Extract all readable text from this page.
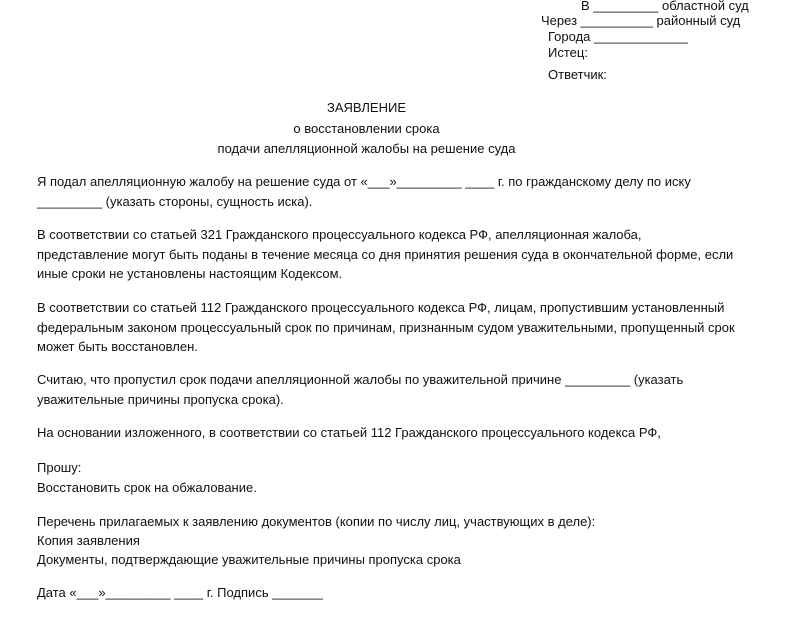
В _________ областной суд
Через __________ районный суд
Города _____________
Истец:
Ответчик:
ЗАЯВЛЕНИЕ
о восстановлении срока
подачи апелляционной жалобы на решение суда
Я подал апелляционную жалобу на решение суда от «___»_________ ____ г. по гражданскому делу по иску
_________ (указать стороны, сущность иска).
В соответствии со статьей 321 Гражданского процессуального кодекса РФ, апелляционная жалоба,
представление могут быть поданы в течение месяца со дня принятия решения суда в окончательной форме, если
иные сроки не установлены настоящим Кодексом.
В соответствии со статьей 112 Гражданского процессуального кодекса РФ, лицам, пропустившим установленный
федеральным законом процессуальный срок по причинам, признанным судом уважительными, пропущенный срок
может быть восстановлен.
Считаю, что пропустил срок подачи апелляционной жалобы по уважительной причине _________ (указать
уважительные причины пропуска срока).
На основании изложенного, в соответствии со статьей 112 Гражданского процессуального кодекса РФ,
Прошу:
Восстановить срок на обжалование.
Перечень прилагаемых к заявлению документов (копии по числу лиц, участвующих в деле):
Копия заявления
Документы, подтверждающие уважительные причины пропуска срока
Дата «___»_________ ____ г. Подпись _______
